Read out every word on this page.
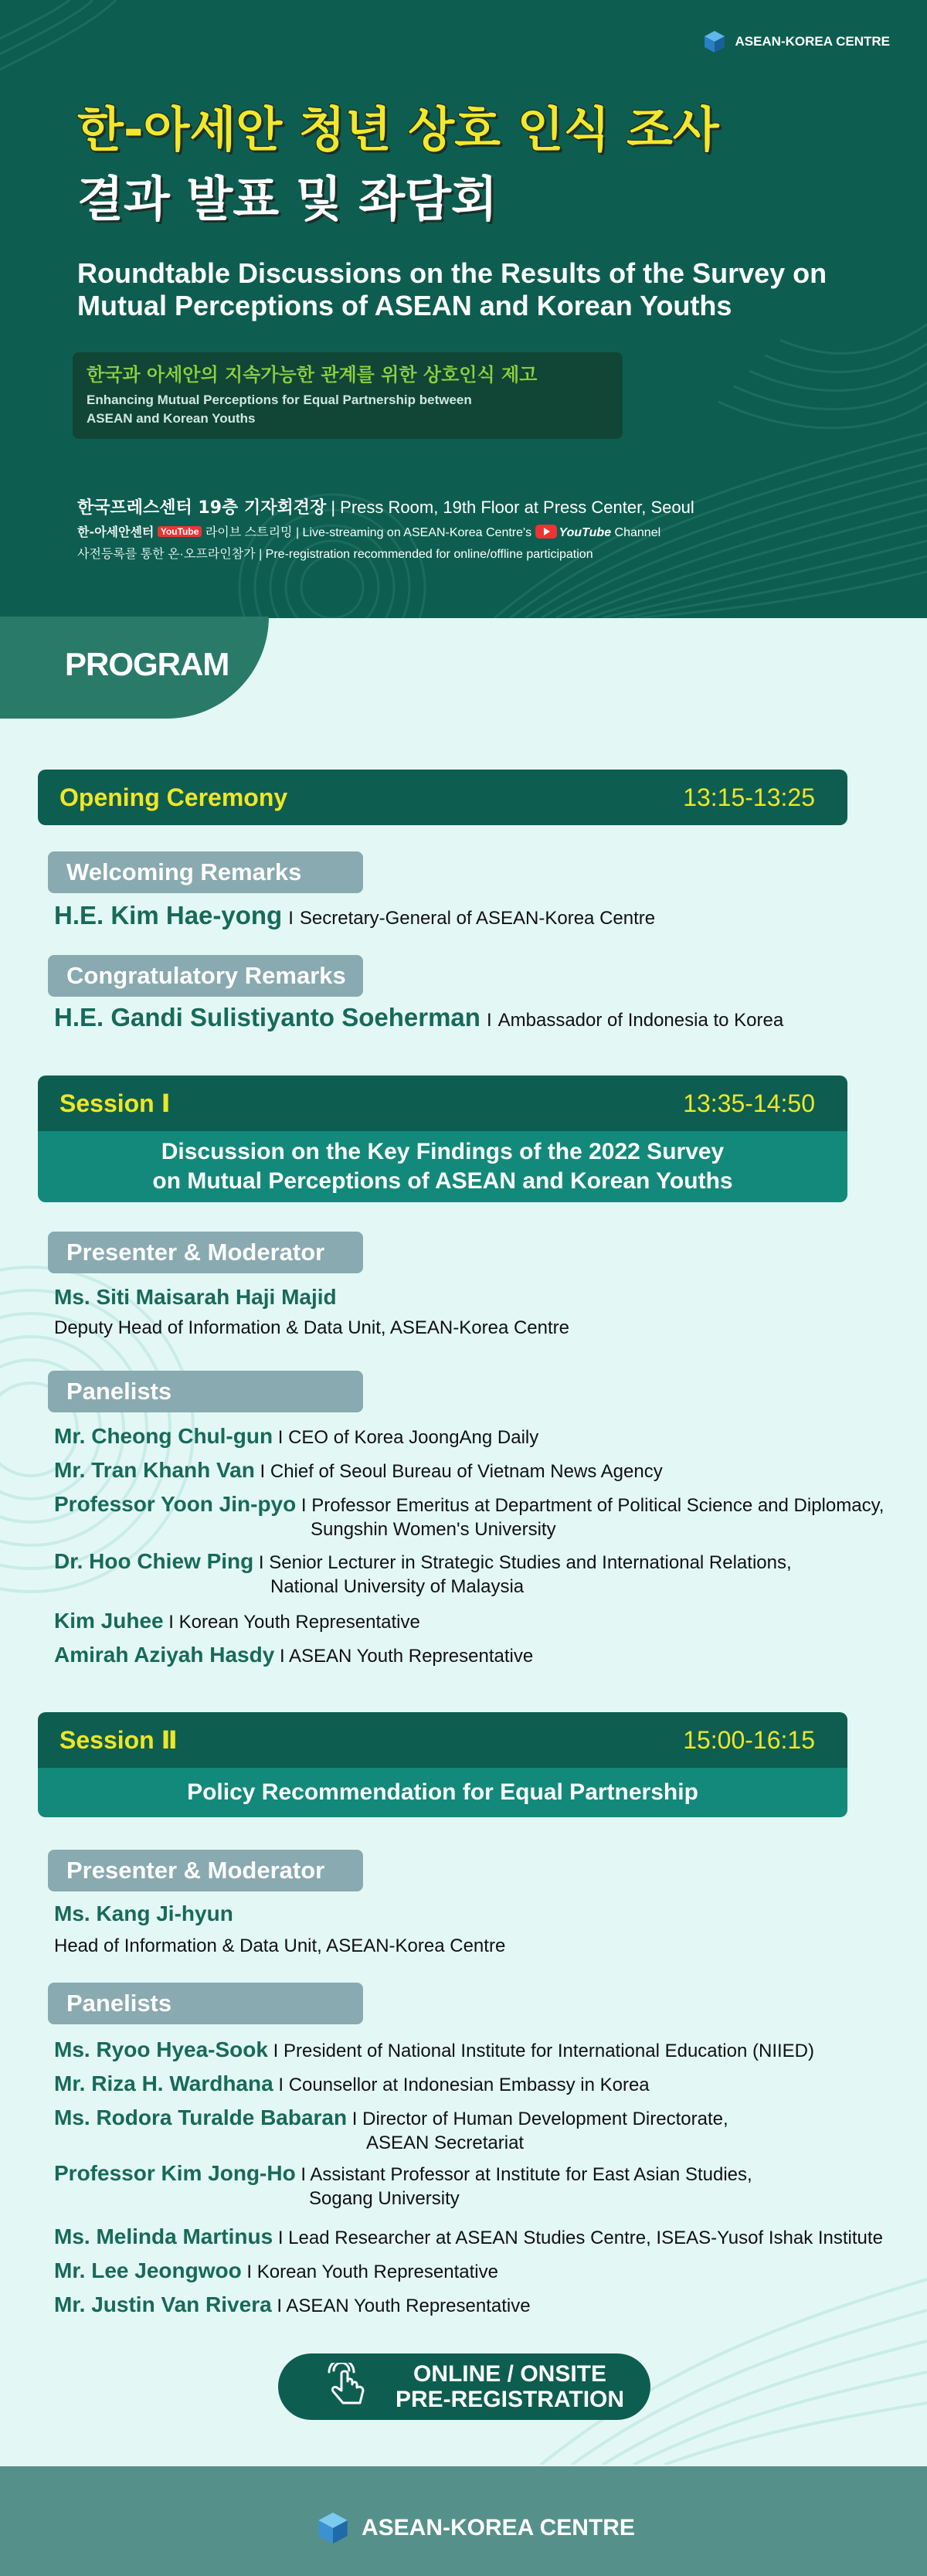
ASEAN-KOREA CENTRE
한-아세안 청년 상호 인식 조사
결과 발표 및 좌담회
Roundtable Discussions on the Results of the Survey on
Mutual Perceptions of ASEAN and Korean Youths
한국과 아세안의 지속가능한 관계를 위한 상호인식 제고
Enhancing Mutual Perceptions for Equal Partnership between
ASEAN and Korean Youths
한국프레스센터 19층 기자회견장 | Press Room, 19th Floor at Press Center, Seoul
한-아세안센터 YouTube 라이브 스트리밍 | Live-streaming on ASEAN-Korea Centre's YouTube Channel
사전등록를 통한 온·오프라인참가 | Pre-registration recommended for online/offline participation
PROGRAM
Opening Ceremony	13:15-13:25
Welcoming Remarks
H.E. Kim Hae-yong I Secretary-General of ASEAN-Korea Centre
Congratulatory Remarks
H.E. Gandi Sulistiyanto Soeherman I Ambassador of Indonesia to Korea
Session Ⅰ	13:35-14:50
Discussion on the Key Findings of the 2022 Survey
on Mutual Perceptions of ASEAN and Korean Youths
Presenter & Moderator
Ms. Siti Maisarah Haji Majid
Deputy Head of Information & Data Unit, ASEAN-Korea Centre
Panelists
Mr. Cheong Chul-gun I CEO of Korea JoongAng Daily
Mr. Tran Khanh Van I Chief of Seoul Bureau of Vietnam News Agency
Professor Yoon Jin-pyo I Professor Emeritus at Department of Political Science and Diplomacy,
Sungshin Women's University
Dr. Hoo Chiew Ping I Senior Lecturer in Strategic Studies and International Relations,
National University of Malaysia
Kim Juhee I Korean Youth Representative
Amirah Aziyah Hasdy I ASEAN Youth Representative
Session Ⅱ	15:00-16:15
Policy Recommendation for Equal Partnership
Presenter & Moderator
Ms. Kang Ji-hyun
Head of Information & Data Unit, ASEAN-Korea Centre
Panelists
Ms. Ryoo Hyea-Sook I President of National Institute for International Education (NIIED)
Mr. Riza H. Wardhana I Counsellor at Indonesian Embassy in Korea
Ms. Rodora Turalde Babaran I Director of Human Development Directorate,
ASEAN Secretariat
Professor Kim Jong-Ho I Assistant Professor at Institute for East Asian Studies,
Sogang University
Ms. Melinda Martinus I Lead Researcher at ASEAN Studies Centre, ISEAS-Yusof Ishak Institute
Mr. Lee Jeongwoo I Korean Youth Representative
Mr. Justin Van Rivera I ASEAN Youth Representative
ONLINE / ONSITE
PRE-REGISTRATION
ASEAN-KOREA CENTRE
